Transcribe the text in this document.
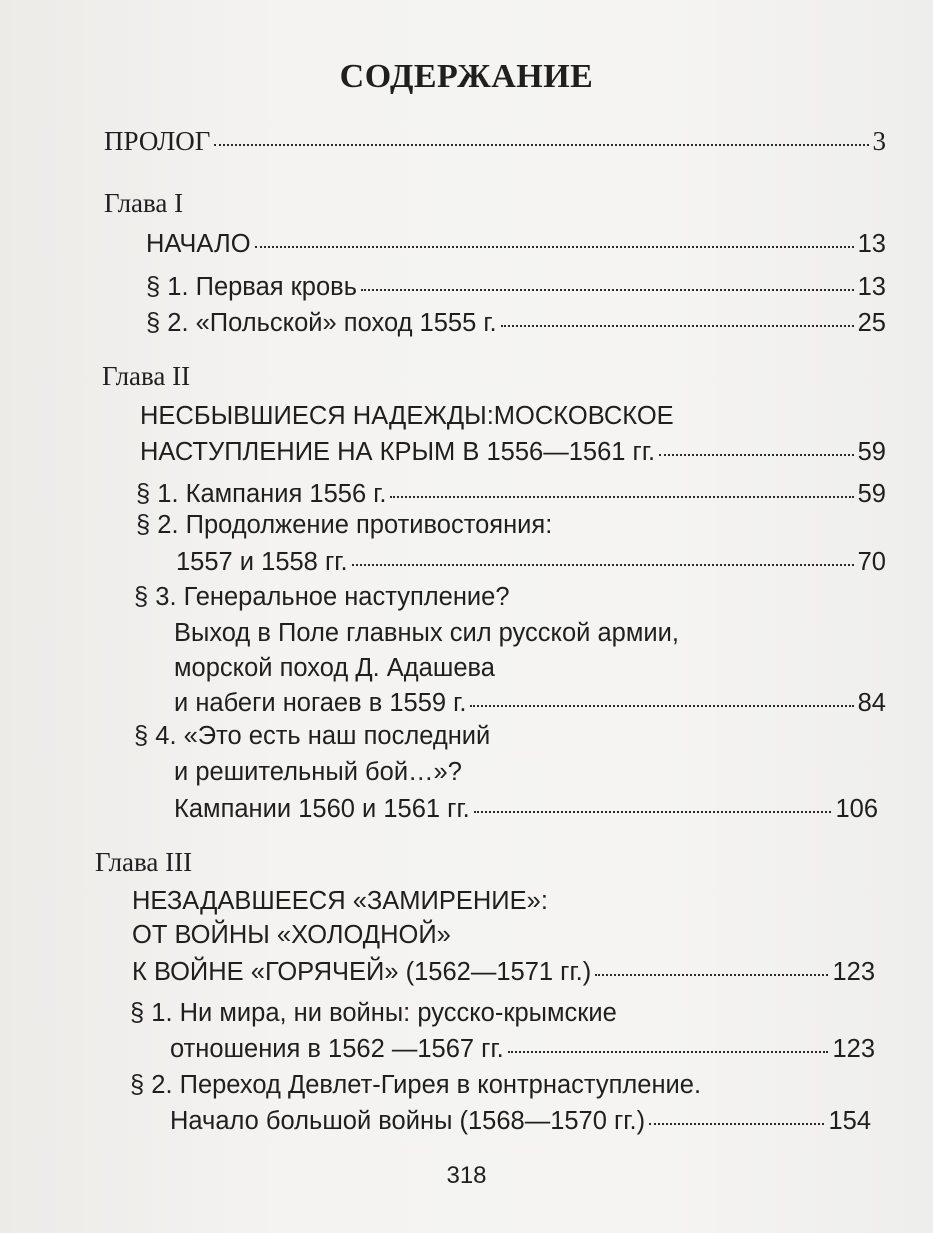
СОДЕРЖАНИЕ
ПРОЛОГ	3
Глава I
НАЧАЛО	13
§ 1. Первая кровь	13
§ 2. «Польской» поход 1555 г.	25
Глава II
НЕСБЫВШИЕСЯ НАДЕЖДЫ:МОСКОВСКОЕ
НАСТУПЛЕНИЕ НА КРЫМ В 1556—1561 гг.	59
§ 1. Кампания 1556 г.	59
§ 2. Продолжение противостояния:
1557 и 1558 гг.	70
§ 3. Генеральное наступление?
Выход в Поле главных сил русской армии,
морской поход Д. Адашева
и набеги ногаев в 1559 г.	84
§ 4. «Это есть наш последний
и решительный бой…»?
Кампании 1560 и 1561 гг.	106
Глава III
НЕЗАДАВШЕЕСЯ «ЗАМИРЕНИЕ»:
ОТ ВОЙНЫ «ХОЛОДНОЙ»
К ВОЙНЕ «ГОРЯЧЕЙ» (1562—1571 гг.)	123
§ 1. Ни мира, ни войны: русско-крымские
отношения в 1562 —1567 гг.	123
§ 2. Переход Девлет-Гирея в контрнаступление.
Начало большой войны (1568—1570 гг.)	154
318
